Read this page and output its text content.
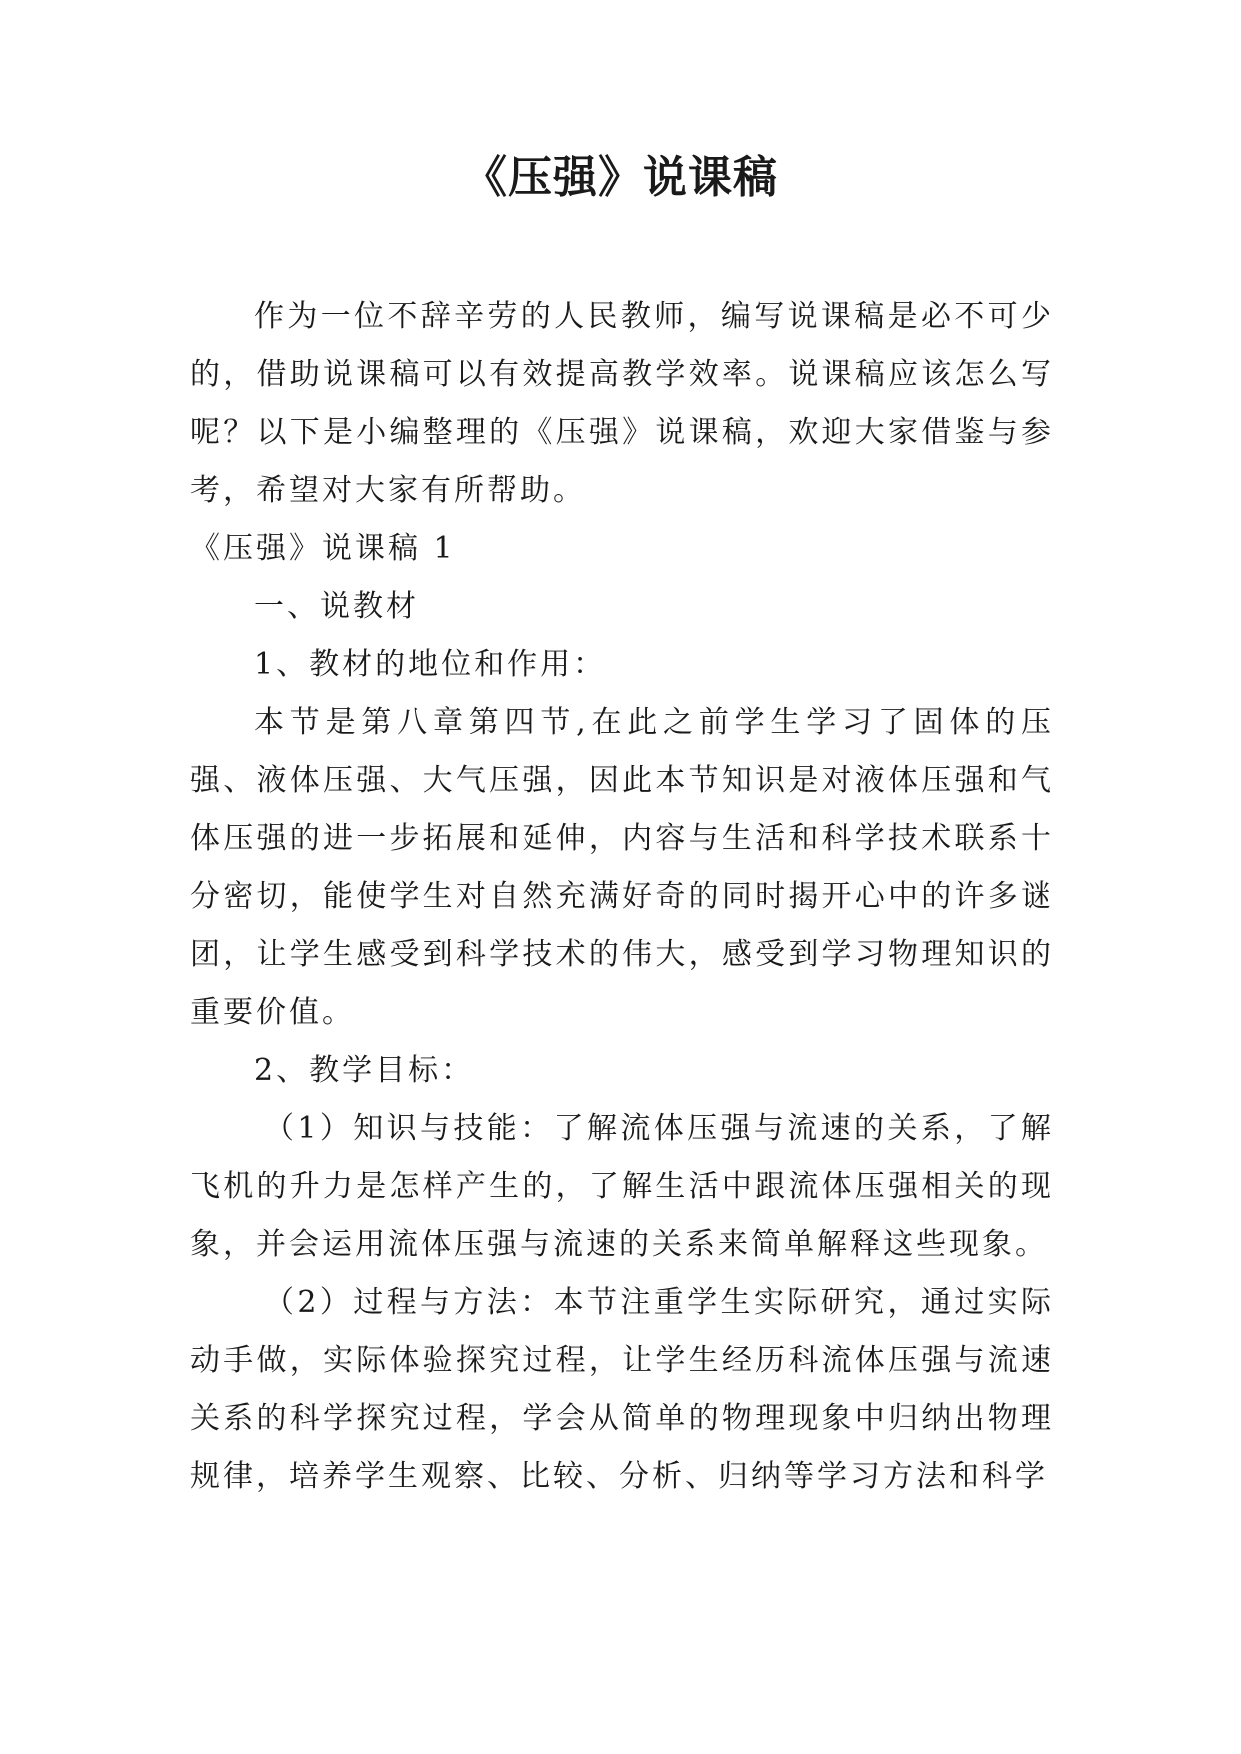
《压强》说课稿

作为一位不辞辛劳的人民教师，编写说课稿是必不可少的，借助说课稿可以有效提高教学效率。说课稿应该怎么写呢？以下是小编整理的《压强》说课稿，欢迎大家借鉴与参考，希望对大家有所帮助。

《压强》说课稿 1

一、说教材

1、教材的地位和作用：

本节是第八章第四节,在此之前学生学习了固体的压强、液体压强、大气压强，因此本节知识是对液体压强和气体压强的进一步拓展和延伸，内容与生活和科学技术联系十分密切，能使学生对自然充满好奇的同时揭开心中的许多谜团，让学生感受到科学技术的伟大，感受到学习物理知识的重要价值。

2、教学目标：

（1）知识与技能：了解流体压强与流速的关系，了解飞机的升力是怎样产生的，了解生活中跟流体压强相关的现象，并会运用流体压强与流速的关系来简单解释这些现象。

（2）过程与方法：本节注重学生实际研究，通过实际动手做，实际体验探究过程，让学生经历科流体压强与流速关系的科学探究过程，学会从简单的物理现象中归纳出物理规律，培养学生观察、比较、分析、归纳等学习方法和科学
